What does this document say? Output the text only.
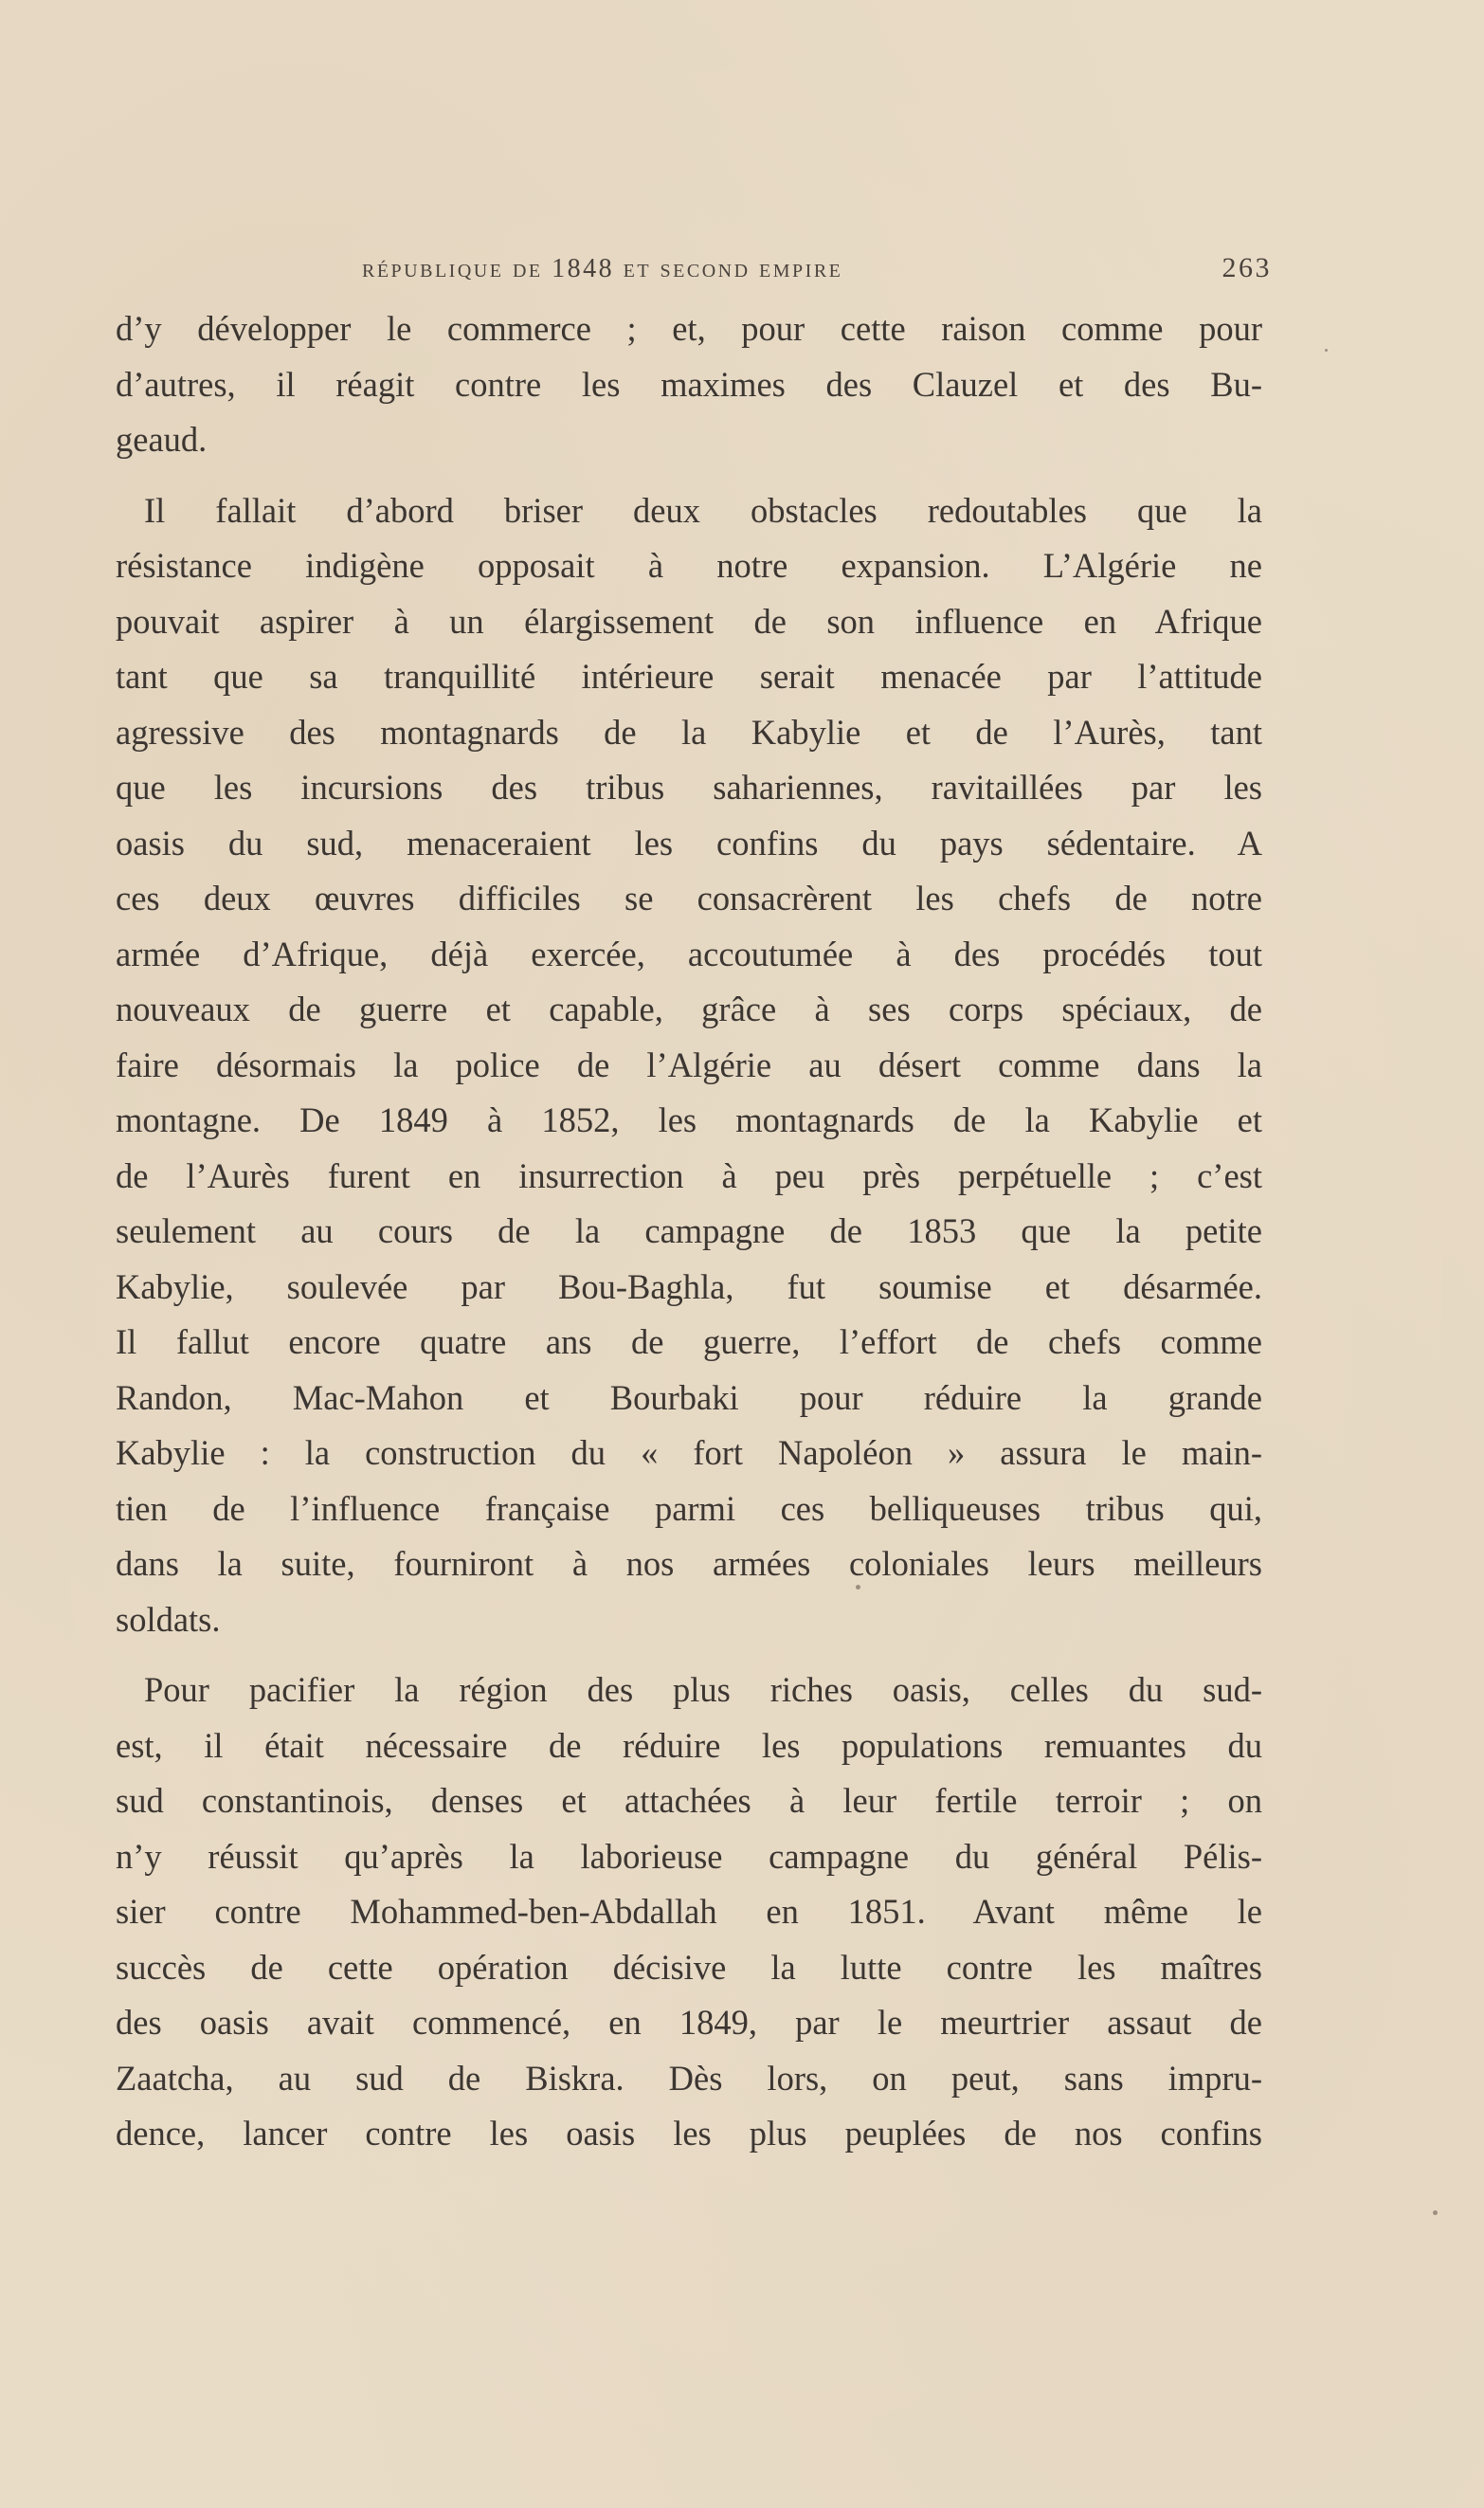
république de 1848 et second empire	263

d’y développer le commerce ; et, pour cette raison comme pour
d’autres, il réagit contre les maximes des Clauzel et des Bu-
geaud.

Il fallait d’abord briser deux obstacles redoutables que la
résistance indigène opposait à notre expansion. L’Algérie ne
pouvait aspirer à un élargissement de son influence en Afrique
tant que sa tranquillité intérieure serait menacée par l’attitude
agressive des montagnards de la Kabylie et de l’Aurès, tant
que les incursions des tribus sahariennes, ravitaillées par les
oasis du sud, menaceraient les confins du pays sédentaire. A
ces deux œuvres difficiles se consacrèrent les chefs de notre
armée d’Afrique, déjà exercée, accoutumée à des procédés tout
nouveaux de guerre et capable, grâce à ses corps spéciaux, de
faire désormais la police de l’Algérie au désert comme dans la
montagne. De 1849 à 1852, les montagnards de la Kabylie et
de l’Aurès furent en insurrection à peu près perpétuelle ; c’est
seulement au cours de la campagne de 1853 que la petite
Kabylie, soulevée par Bou-Baghla, fut soumise et désarmée.
Il fallut encore quatre ans de guerre, l’effort de chefs comme
Randon, Mac-Mahon et Bourbaki pour réduire la grande
Kabylie : la construction du « fort Napoléon » assura le main-
tien de l’influence française parmi ces belliqueuses tribus qui,
dans la suite, fourniront à nos armées coloniales leurs meilleurs
soldats.

Pour pacifier la région des plus riches oasis, celles du sud-
est, il était nécessaire de réduire les populations remuantes du
sud constantinois, denses et attachées à leur fertile terroir ; on
n’y réussit qu’après la laborieuse campagne du général Pélis-
sier contre Mohammed-ben-Abdallah en 1851. Avant même le
succès de cette opération décisive la lutte contre les maîtres
des oasis avait commencé, en 1849, par le meurtrier assaut de
Zaatcha, au sud de Biskra. Dès lors, on peut, sans impru-
dence, lancer contre les oasis les plus peuplées de nos confins
